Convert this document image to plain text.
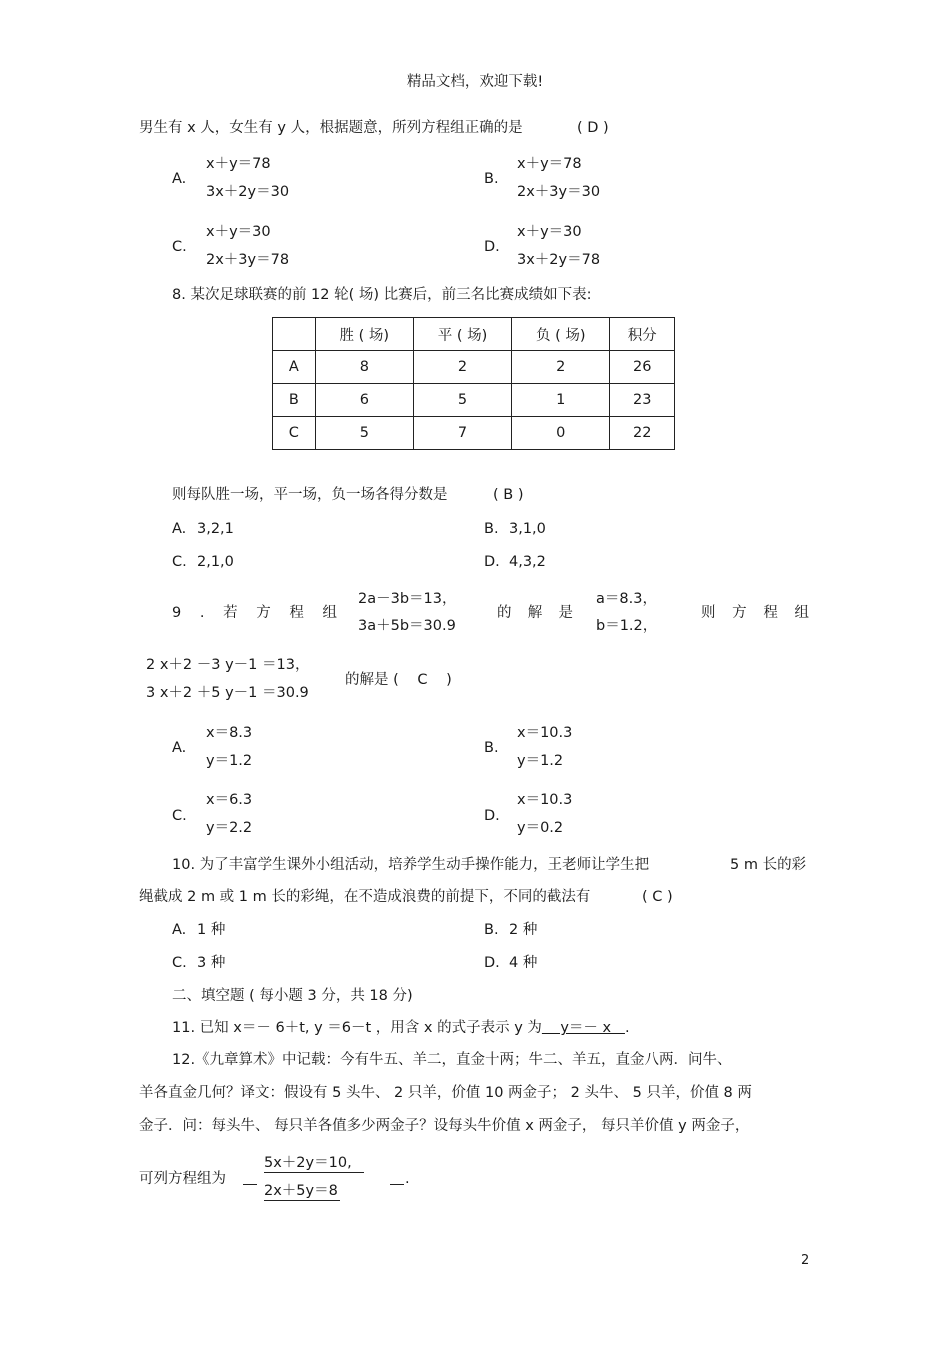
精品文档，欢迎下载!
男生有 x 人，女生有 y 人，根据题意，所列方程组正确的是	( D )
A.
x＋y＝78
3x＋2y＝30
B.
x＋y＝78
2x＋3y＝30
C.
x＋y＝30
2x＋3y＝78
D.
x＋y＝30
3x＋2y＝78
8. 某次足球联赛的前 12 轮( 场) 比赛后，前三名比赛成绩如下表:
	胜 ( 场)	平 ( 场)	负 ( 场)	积分
A	8	2	2	26
B	6	5	1	23
C	5	7	0	22
则每队胜一场，平一场，负一场各得分数是	( B )
A. 3,2,1	B. 3,1,0
C. 2,1,0	D. 4,3,2
9 . 若 方 程 组
2a－3b＝13，
3a＋5b＝30.9
的 解 是
a＝8.3，
b＝1.2，
则 方 程 组
2 x＋2 －3 y－1 ＝13，
3 x＋2 ＋5 y－1 ＝30.9
的解是 ( C )
A.
x＝8.3
y＝1.2
B.
x＝10.3
y＝1.2
C.
x＝6.3
y＝2.2
D.
x＝10.3
y＝0.2
10. 为了丰富学生课外小组活动，培养学生动手操作能力，王老师让学生把	5 m 长的彩
绳截成 2 m 或 1 m 长的彩绳，在不造成浪费的前提下，不同的截法有	( C )
A. 1 种	B. 2 种
C. 3 种	D. 4 种
二、填空题 ( 每小题 3 分，共 18 分)
11. 已知 x＝－ 6＋t, y ＝6－t ，用含 x 的式子表示 y 为    y＝－ x   .
12.《九章算术》中记载：今有牛五、羊二，直金十两；牛二、羊五，直金八两．问牛、
羊各直金几何？译文：假设有 5 头牛、 2 只羊，价值 10 两金子； 2 头牛、 5 只羊，价值 8 两
金子．问：每头牛、 每只羊各值多少两金子？设每头牛价值 x 两金子， 每只羊价值 y 两金子，
可列方程组为
5x＋2y＝10,
2x＋5y＝8
.
2
